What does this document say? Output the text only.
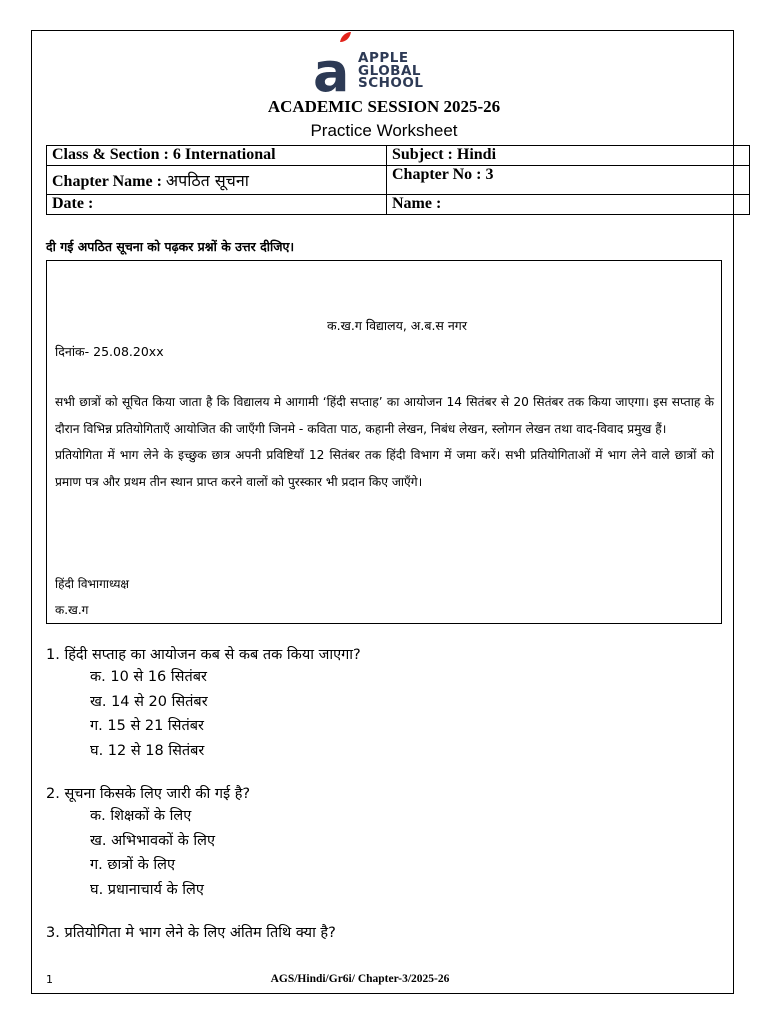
a APPLE
GLOBAL
SCHOOL
ACADEMIC SESSION 2025-26
Practice Worksheet
Class & Section : 6 International	Subject : Hindi
Chapter Name : अपठित सूचना	Chapter No : 3
Date :	Name :
दी गई अपठित सूचना को पढ़कर प्रश्नों के उत्तर दीजिए।
क.ख.ग विद्यालय, अ.ब.स नगर
दिनांक- 25.08.20xx

सभी छात्रों को सूचित किया जाता है कि विद्यालय मे आगामी ‘हिंदी सप्ताह’ का आयोजन 14 सितंबर से 20 सितंबर तक किया जाएगा। इस सप्ताह के दौरान विभिन्न प्रतियोगिताएँ आयोजित की जाएँगी जिनमे - कविता पाठ, कहानी लेखन, निबंध लेखन, स्लोगन लेखन तथा वाद-विवाद प्रमुख हैं।

प्रतियोगिता में भाग लेने के इच्छुक छात्र अपनी प्रविष्टियाँ 12 सितंबर तक हिंदी विभाग में जमा करें। सभी प्रतियोगिताओं में भाग लेने वाले छात्रों को प्रमाण पत्र और प्रथम तीन स्थान प्राप्त करने वालों को पुरस्कार भी प्रदान किए जाएँगे।

हिंदी विभागाध्यक्ष
क.ख.ग
1. हिंदी सप्ताह का आयोजन कब से कब तक किया जाएगा?
क. 10 से 16 सितंबर
ख. 14 से 20 सितंबर
ग. 15 से 21 सितंबर
घ. 12 से 18 सितंबर
2. सूचना किसके लिए जारी की गई है?
क. शिक्षकों के लिए
ख. अभिभावकों के लिए
ग. छात्रों के लिए
घ. प्रधानाचार्य के लिए
3. प्रतियोगिता मे भाग लेने के लिए अंतिम तिथि क्या है?
1	AGS/Hindi/Gr6i/ Chapter-3/2025-26
